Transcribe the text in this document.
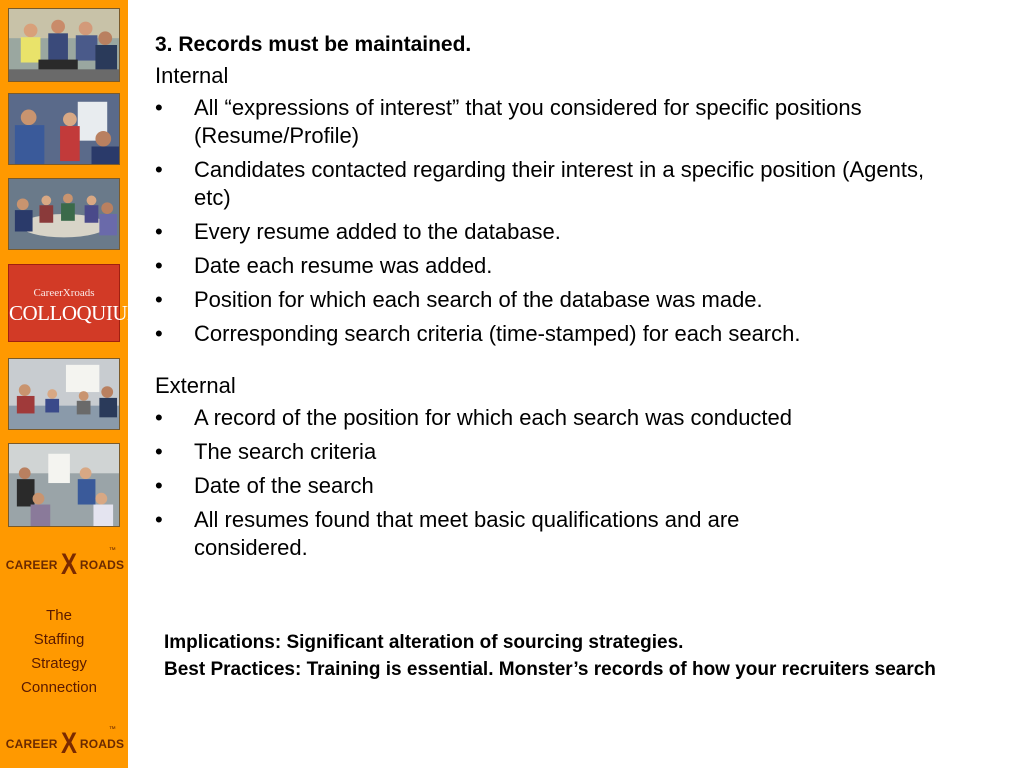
CareerXroads
COLLOQUIUM
CAREER X ROADS
™
The
Staffing
Strategy
Connection
CAREER X ROADS
™
3. Records must be maintained.
Internal
• All “expressions of interest” that you considered for specific positions (Resume/Profile)
• Candidates contacted regarding their interest in a specific position (Agents, etc)
• Every resume added to the database.
• Date each resume was added.
• Position for which each search of the database was made.
• Corresponding search criteria (time-stamped) for each search.
External
• A record of the position for which each search was conducted
• The search criteria
• Date of the search
• All resumes found that meet basic qualifications and are considered.
Implications: Significant alteration of sourcing strategies.
Best Practices: Training is essential. Monster’s records of how your recruiters search
